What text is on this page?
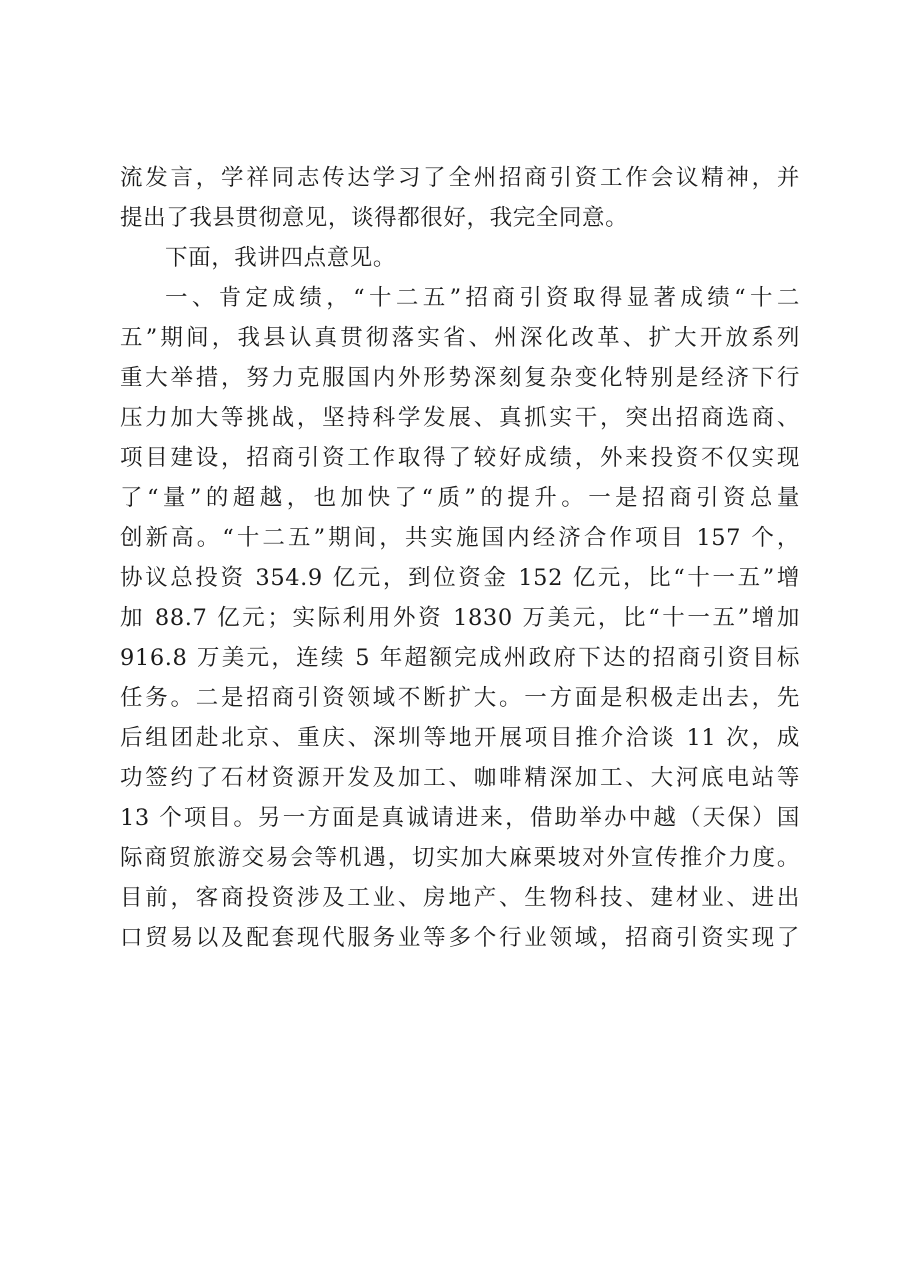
流发言，学祥同志传达学习了全州招商引资工作会议精神，并
提出了我县贯彻意见，谈得都很好，我完全同意。
下面，我讲四点意见。
一、肯定成绩，“十二五”招商引资取得显著成绩“十二
五”期间，我县认真贯彻落实省、州深化改革、扩大开放系列
重大举措，努力克服国内外形势深刻复杂变化特别是经济下行
压力加大等挑战，坚持科学发展、真抓实干，突出招商选商、
项目建设，招商引资工作取得了较好成绩，外来投资不仅实现
了“量”的超越，也加快了“质”的提升。一是招商引资总量
创新高。“十二五”期间，共实施国内经济合作项目 157 个，
协议总投资 354.9 亿元，到位资金 152 亿元，比“十一五”增
加 88.7 亿元；实际利用外资 1830 万美元，比“十一五”增加
916.8 万美元，连续 5 年超额完成州政府下达的招商引资目标
任务。二是招商引资领域不断扩大。一方面是积极走出去，先
后组团赴北京、重庆、深圳等地开展项目推介洽谈 11 次，成
功签约了石材资源开发及加工、咖啡精深加工、大河底电站等
13 个项目。另一方面是真诚请进来，借助举办中越（天保）国
际商贸旅游交易会等机遇，切实加大麻栗坡对外宣传推介力度。
目前，客商投资涉及工业、房地产、生物科技、建材业、进出
口贸易以及配套现代服务业等多个行业领域，招商引资实现了
